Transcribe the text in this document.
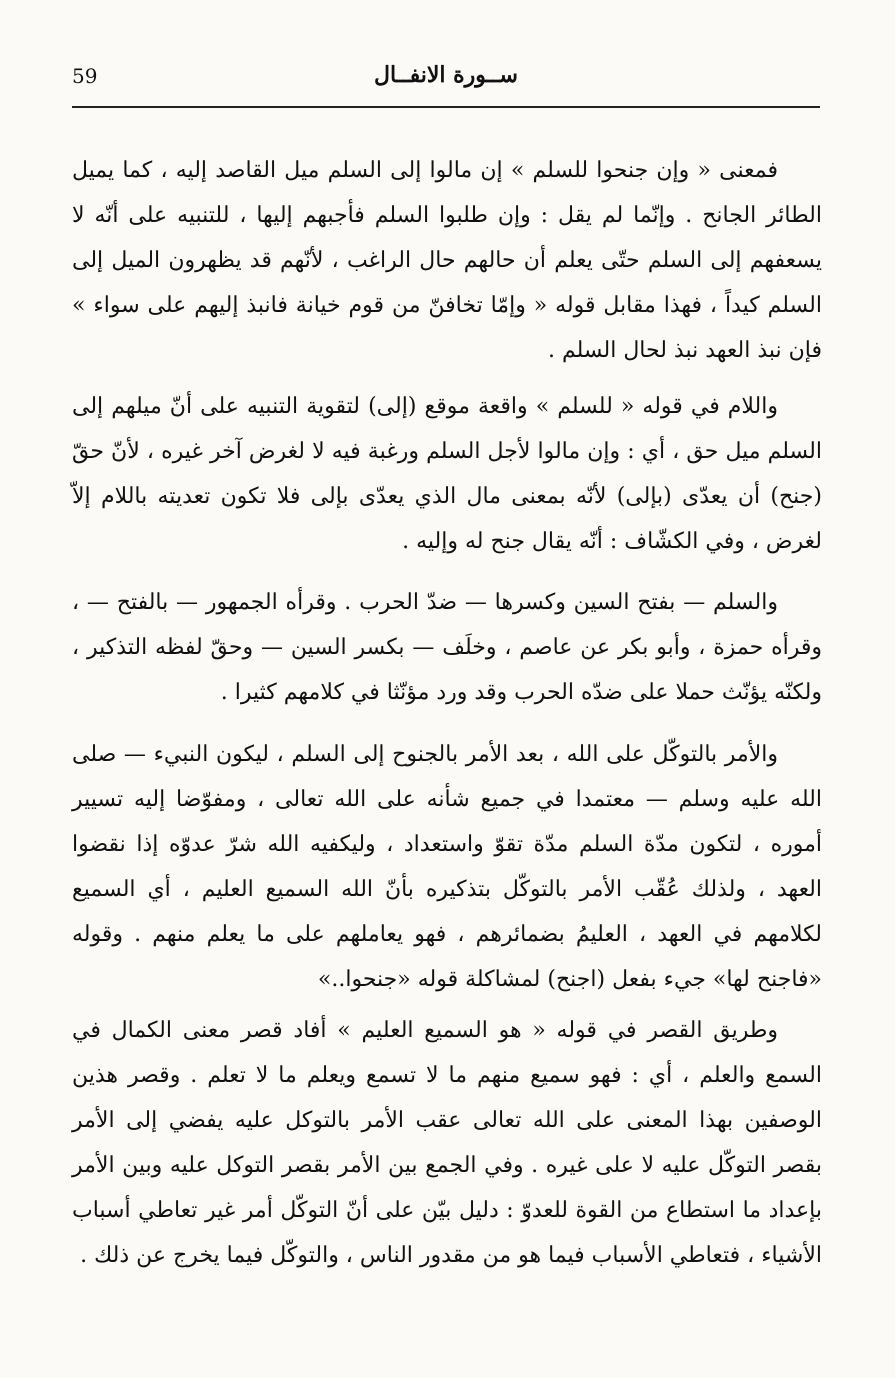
59	ســورة الانفــال

فمعنى « وإن جنحوا للسلم » إن مالوا إلى السلم ميل القاصد إليه ، كما يميل الطائر الجانح . وإنّما لم يقل : وإن طلبوا السلم فأجبهم إليها ، للتنبيه على أنّه لا يسعفهم إلى السلم حتّى يعلم أن حالهم حال الراغب ، لأنّهم قد يظهرون الميل إلى السلم كيداً ، فهذا مقابل قوله « وإمّا تخافنّ من قوم خيانة فانبذ إليهم على سواء » فإن نبذ العهد نبذ لحال السلم .

واللام في قوله « للسلم » واقعة موقع (إلى) لتقوية التنبيه على أنّ ميلهم إلى السلم ميل حق ، أي : وإن مالوا لأجل السلم ورغبة فيه لا لغرض آخر غيره ، لأنّ حقّ (جنح) أن يعدّى (بإلى) لأنّه بمعنى مال الذي يعدّى بإلى فلا تكون تعديته باللام إلاّ لغرض ، وفي الكشّاف : أنّه يقال جنح له وإليه .

والسلم — بفتح السين وكسرها — ضدّ الحرب . وقرأه الجمهور — بالفتح — ، وقرأه حمزة ، وأبو بكر عن عاصم ، وخلَف — بكسر السين — وحقّ لفظه التذكير ، ولكنّه يؤنّث حملا على ضدّه الحرب وقد ورد مؤنّثا في كلامهم كثيرا .

والأمر بالتوكّل على الله ، بعد الأمر بالجنوح إلى السلم ، ليكون النبيء — صلى الله عليه وسلم — معتمدا في جميع شأنه على الله تعالى ، ومفوّضا إليه تسيير أموره ، لتكون مدّة السلم مدّة تقوّ واستعداد ، وليكفيه الله شرّ عدوّه إذا نقضوا العهد ، ولذلك عُقّب الأمر بالتوكّل بتذكيره بأنّ الله السميع العليم ، أي السميع لكلامهم في العهد ، العليمُ بضمائرهم ، فهو يعاملهم على ما يعلم منهم . وقوله «فاجنح لها» جيء بفعل (اجنح) لمشاكلة قوله «جنحوا..»

وطريق القصر في قوله « هو السميع العليم » أفاد قصر معنى الكمال في السمع والعلم ، أي : فهو سميع منهم ما لا تسمع ويعلم ما لا تعلم . وقصر هذين الوصفين بهذا المعنى على الله تعالى عقب الأمر بالتوكل عليه يفضي إلى الأمر بقصر التوكّل عليه لا على غيره . وفي الجمع بين الأمر بقصر التوكل عليه وبين الأمر بإعداد ما استطاع من القوة للعدوّ : دليل بيّن على أنّ التوكّل أمر غير تعاطي أسباب الأشياء ، فتعاطي الأسباب فيما هو من مقدور الناس ، والتوكّل فيما يخرج عن ذلك .
